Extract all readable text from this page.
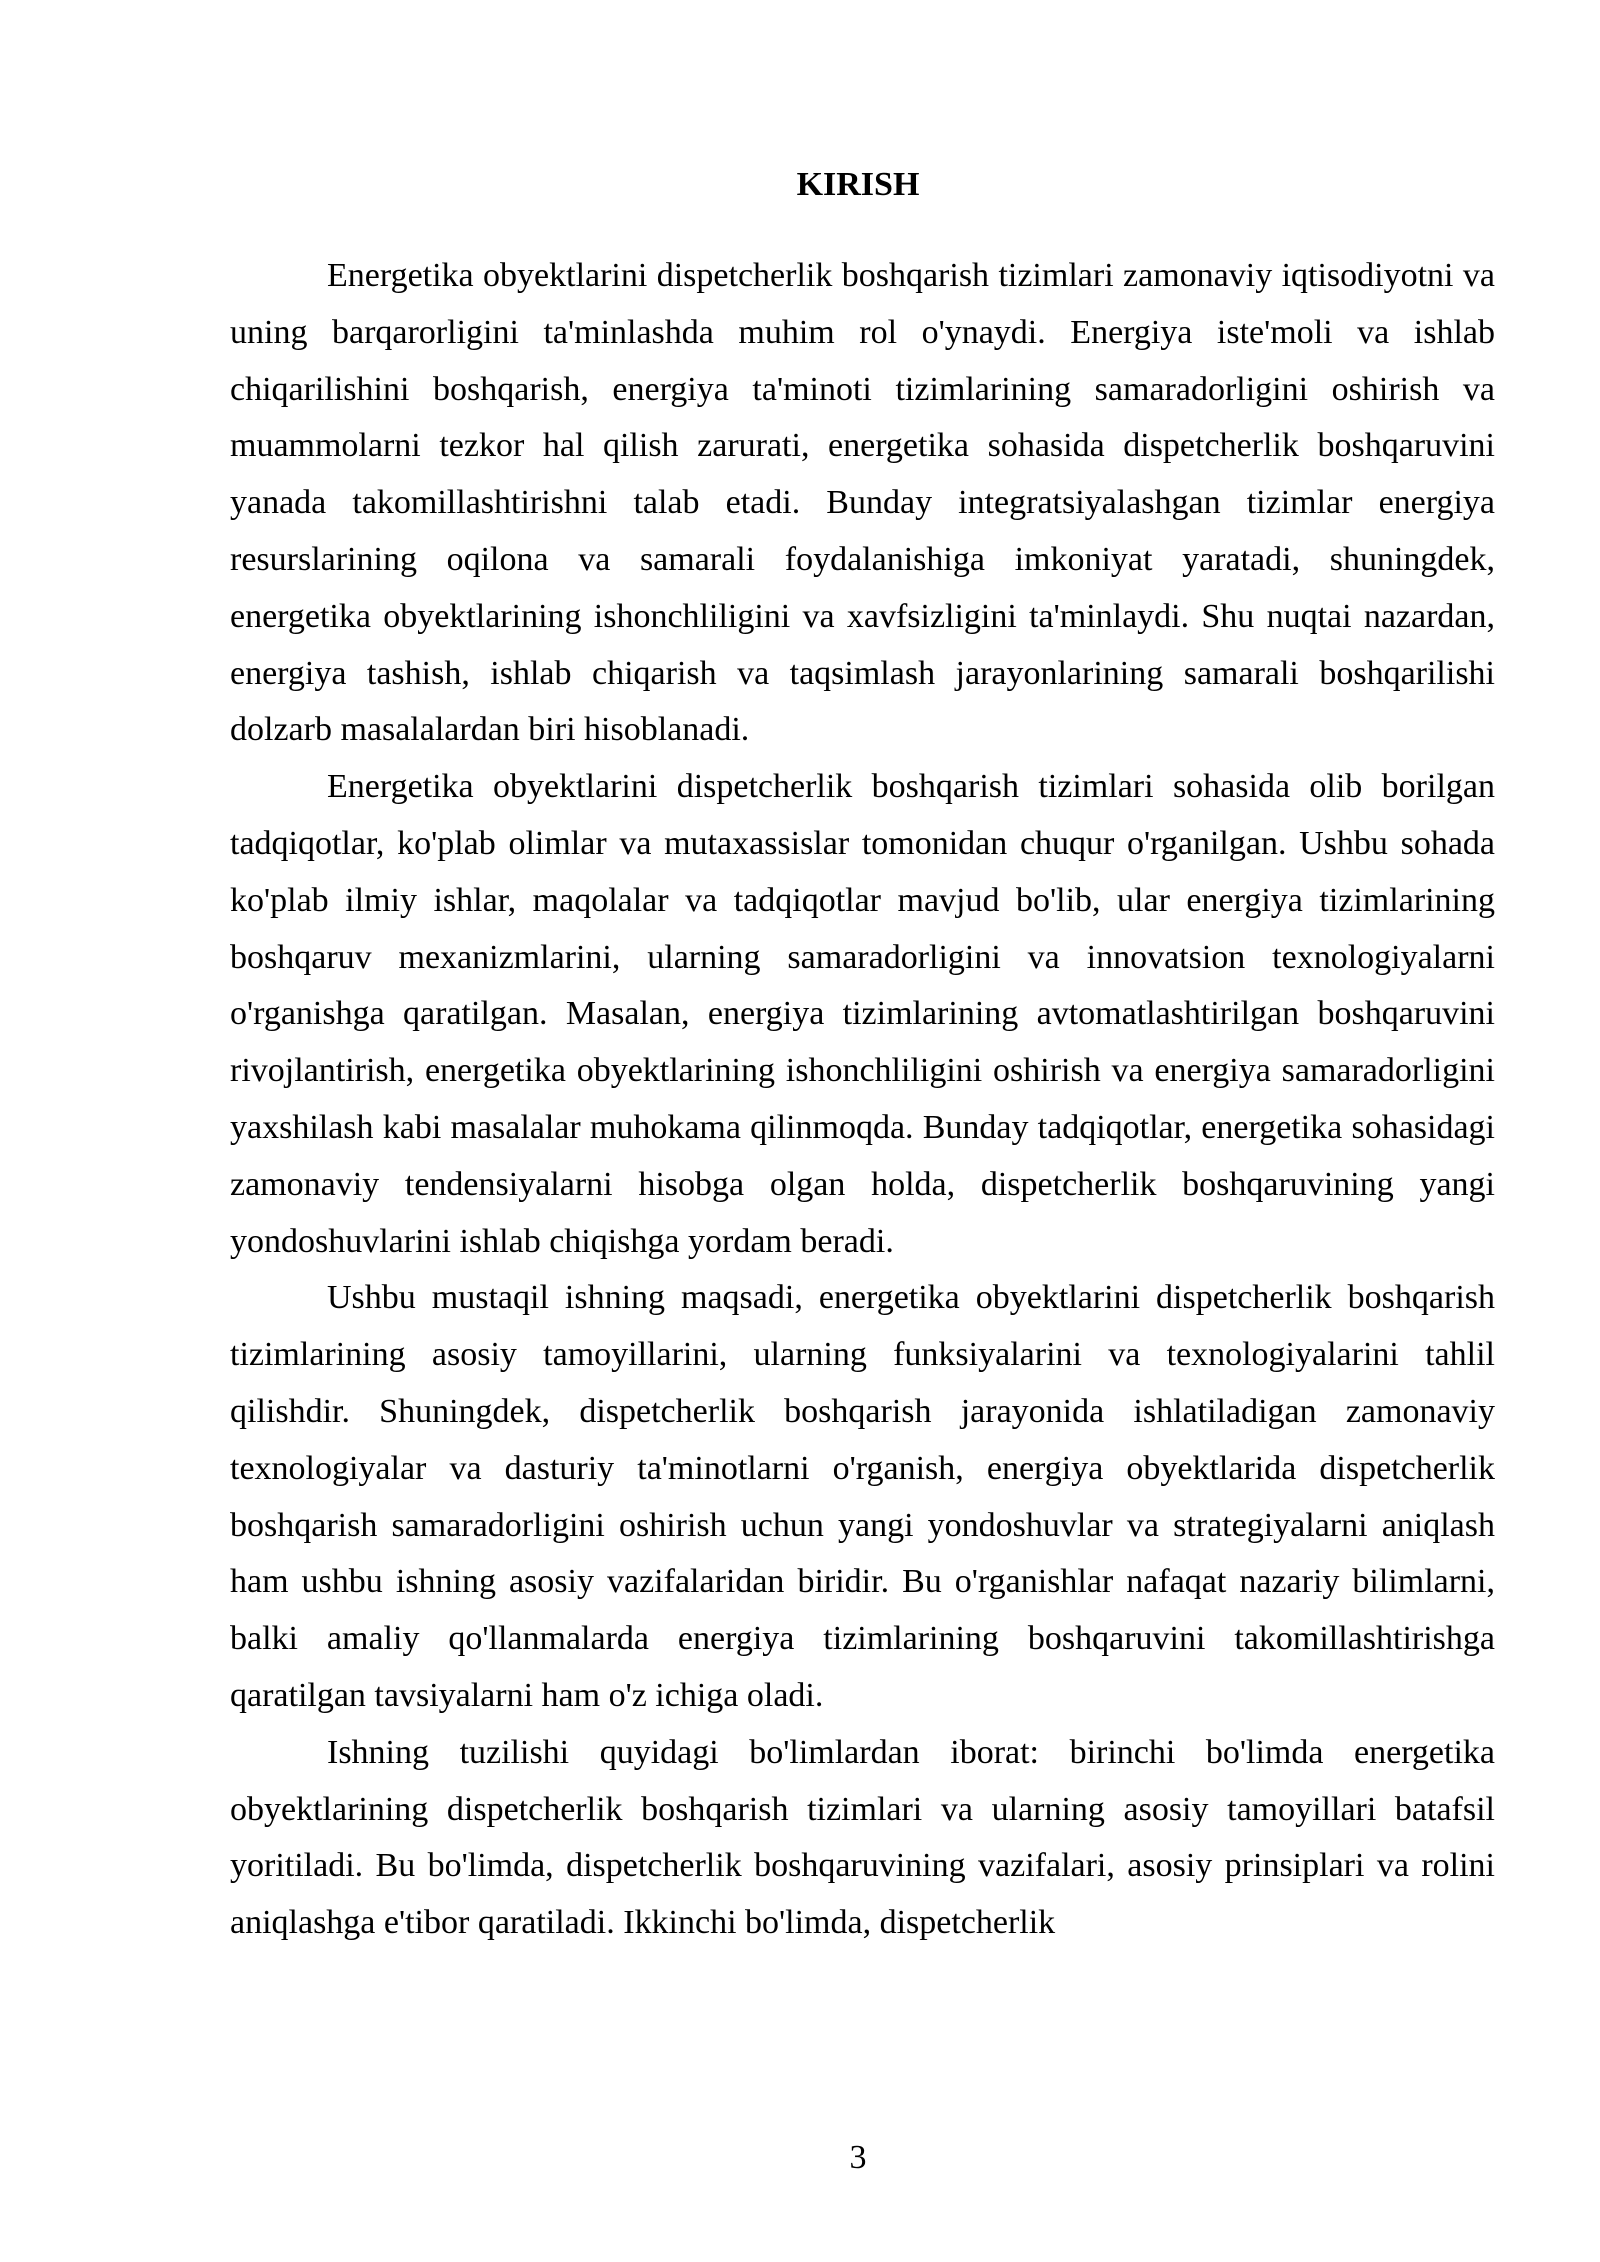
KIRISH

Energetika obyektlarini dispetcherlik boshqarish tizimlari zamonaviy iqtisodiyotni va uning barqarorligini ta'minlashda muhim rol o'ynaydi. Energiya iste'moli va ishlab chiqarilishini boshqarish, energiya ta'minoti tizimlarining samaradorligini oshirish va muammolarni tezkor hal qilish zarurati, energetika sohasida dispetcherlik boshqaruvini yanada takomillashtirishni talab etadi. Bunday integratsiyalashgan tizimlar energiya resurslarining oqilona va samarali foydalanishiga imkoniyat yaratadi, shuningdek, energetika obyektlarining ishonchliligini va xavfsizligini ta'minlaydi. Shu nuqtai nazardan, energiya tashish, ishlab chiqarish va taqsimlash jarayonlarining samarali boshqarilishi dolzarb masalalardan biri hisoblanadi.

Energetika obyektlarini dispetcherlik boshqarish tizimlari sohasida olib borilgan tadqiqotlar, ko'plab olimlar va mutaxassislar tomonidan chuqur o'rganilgan. Ushbu sohada ko'plab ilmiy ishlar, maqolalar va tadqiqotlar mavjud bo'lib, ular energiya tizimlarining boshqaruv mexanizmlarini, ularning samaradorligini va innovatsion texnologiyalarni o'rganishga qaratilgan. Masalan, energiya tizimlarining avtomatlashtirilgan boshqaruvini rivojlantirish, energetika obyektlarining ishonchliligini oshirish va energiya samaradorligini yaxshilash kabi masalalar muhokama qilinmoqda. Bunday tadqiqotlar, energetika sohasidagi zamonaviy tendensiyalarni hisobga olgan holda, dispetcherlik boshqaruvining yangi yondoshuvlarini ishlab chiqishga yordam beradi.

Ushbu mustaqil ishning maqsadi, energetika obyektlarini dispetcherlik boshqarish tizimlarining asosiy tamoyillarini, ularning funksiyalarini va texnologiyalarini tahlil qilishdir. Shuningdek, dispetcherlik boshqarish jarayonida ishlatiladigan zamonaviy texnologiyalar va dasturiy ta'minotlarni o'rganish, energiya obyektlarida dispetcherlik boshqarish samaradorligini oshirish uchun yangi yondoshuvlar va strategiyalarni aniqlash ham ushbu ishning asosiy vazifalaridan biridir. Bu o'rganishlar nafaqat nazariy bilimlarni, balki amaliy qo'llanmalarda energiya tizimlarining boshqaruvini takomillashtirishga qaratilgan tavsiyalarni ham o'z ichiga oladi.

Ishning tuzilishi quyidagi bo'limlardan iborat: birinchi bo'limda energetika obyektlarining dispetcherlik boshqarish tizimlari va ularning asosiy tamoyillari batafsil yoritiladi. Bu bo'limda, dispetcherlik boshqaruvining vazifalari, asosiy prinsiplari va rolini aniqlashga e'tibor qaratiladi. Ikkinchi bo'limda, dispetcherlik

3
